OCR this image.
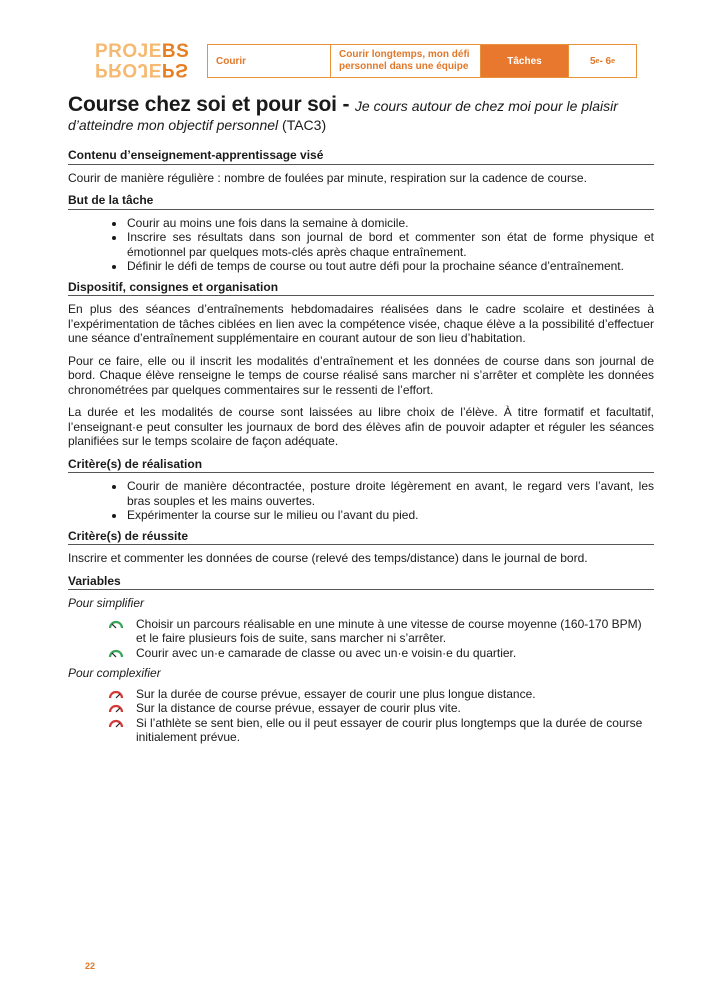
PROJEBS
PROJEPS	Courir
Courir longtemps, mon défi personnel dans une équipe	Tâches	5 e - 6 e
Course chez soi et pour soi - Je cours autour de chez moi pour le plaisir d’atteindre mon objectif personnel (TAC3)
Contenu d’enseignement-apprentissage visé

Courir de manière régulière : nombre de foulées par minute, respiration sur la cadence de course.

But de la tâche
• Courir au moins une fois dans la semaine à domicile.
• Inscrire ses résultats dans son journal de bord et commenter son état de forme physique et émotionnel par quelques mots-clés après chaque entraînement.
• Définir le défi de temps de course ou tout autre défi pour la prochaine séance d’entraînement.
Dispositif, consignes et organisation

En plus des séances d’entraînements hebdomadaires réalisées dans le cadre scolaire et destinées à l’expérimentation de tâches ciblées en lien avec la compétence visée, chaque élève a la possibilité d’effectuer une séance d’entraînement supplémentaire en courant autour de son lieu d’habitation.

Pour ce faire, elle ou il inscrit les modalités d’entraînement et les données de course dans son journal de bord. Chaque élève renseigne le temps de course réalisé sans marcher ni s’arrêter et complète les données chronométrées par quelques commentaires sur le ressenti de l’effort.

La durée et les modalités de course sont laissées au libre choix de l’élève. À titre formatif et facultatif, l’enseignant·e peut consulter les journaux de bord des élèves afin de pouvoir adapter et réguler les séances planifiées sur le temps scolaire de façon adéquate.

Critère(s) de réalisation
• Courir de manière décontractée, posture droite légèrement en avant, le regard vers l’avant, les bras souples et les mains ouvertes.
• Expérimenter la course sur le milieu ou l’avant du pied.
Critère(s) de réussite

Inscrire et commenter les données de course (relevé des temps/distance) dans le journal de bord.

Variables
Pour simplifier
Choisir un parcours réalisable en une minute à une vitesse de course moyenne (160-170 BPM) et le faire plusieurs fois de suite, sans marcher ni s’arrêter.
Courir avec un·e camarade de classe ou avec un·e voisin·e du quartier.
Pour complexifier
Sur la durée de course prévue, essayer de courir une plus longue distance.
Sur la distance de course prévue, essayer de courir plus vite.
Si l’athlète se sent bien, elle ou il peut essayer de courir plus longtemps que la durée de course initialement prévue.
22
